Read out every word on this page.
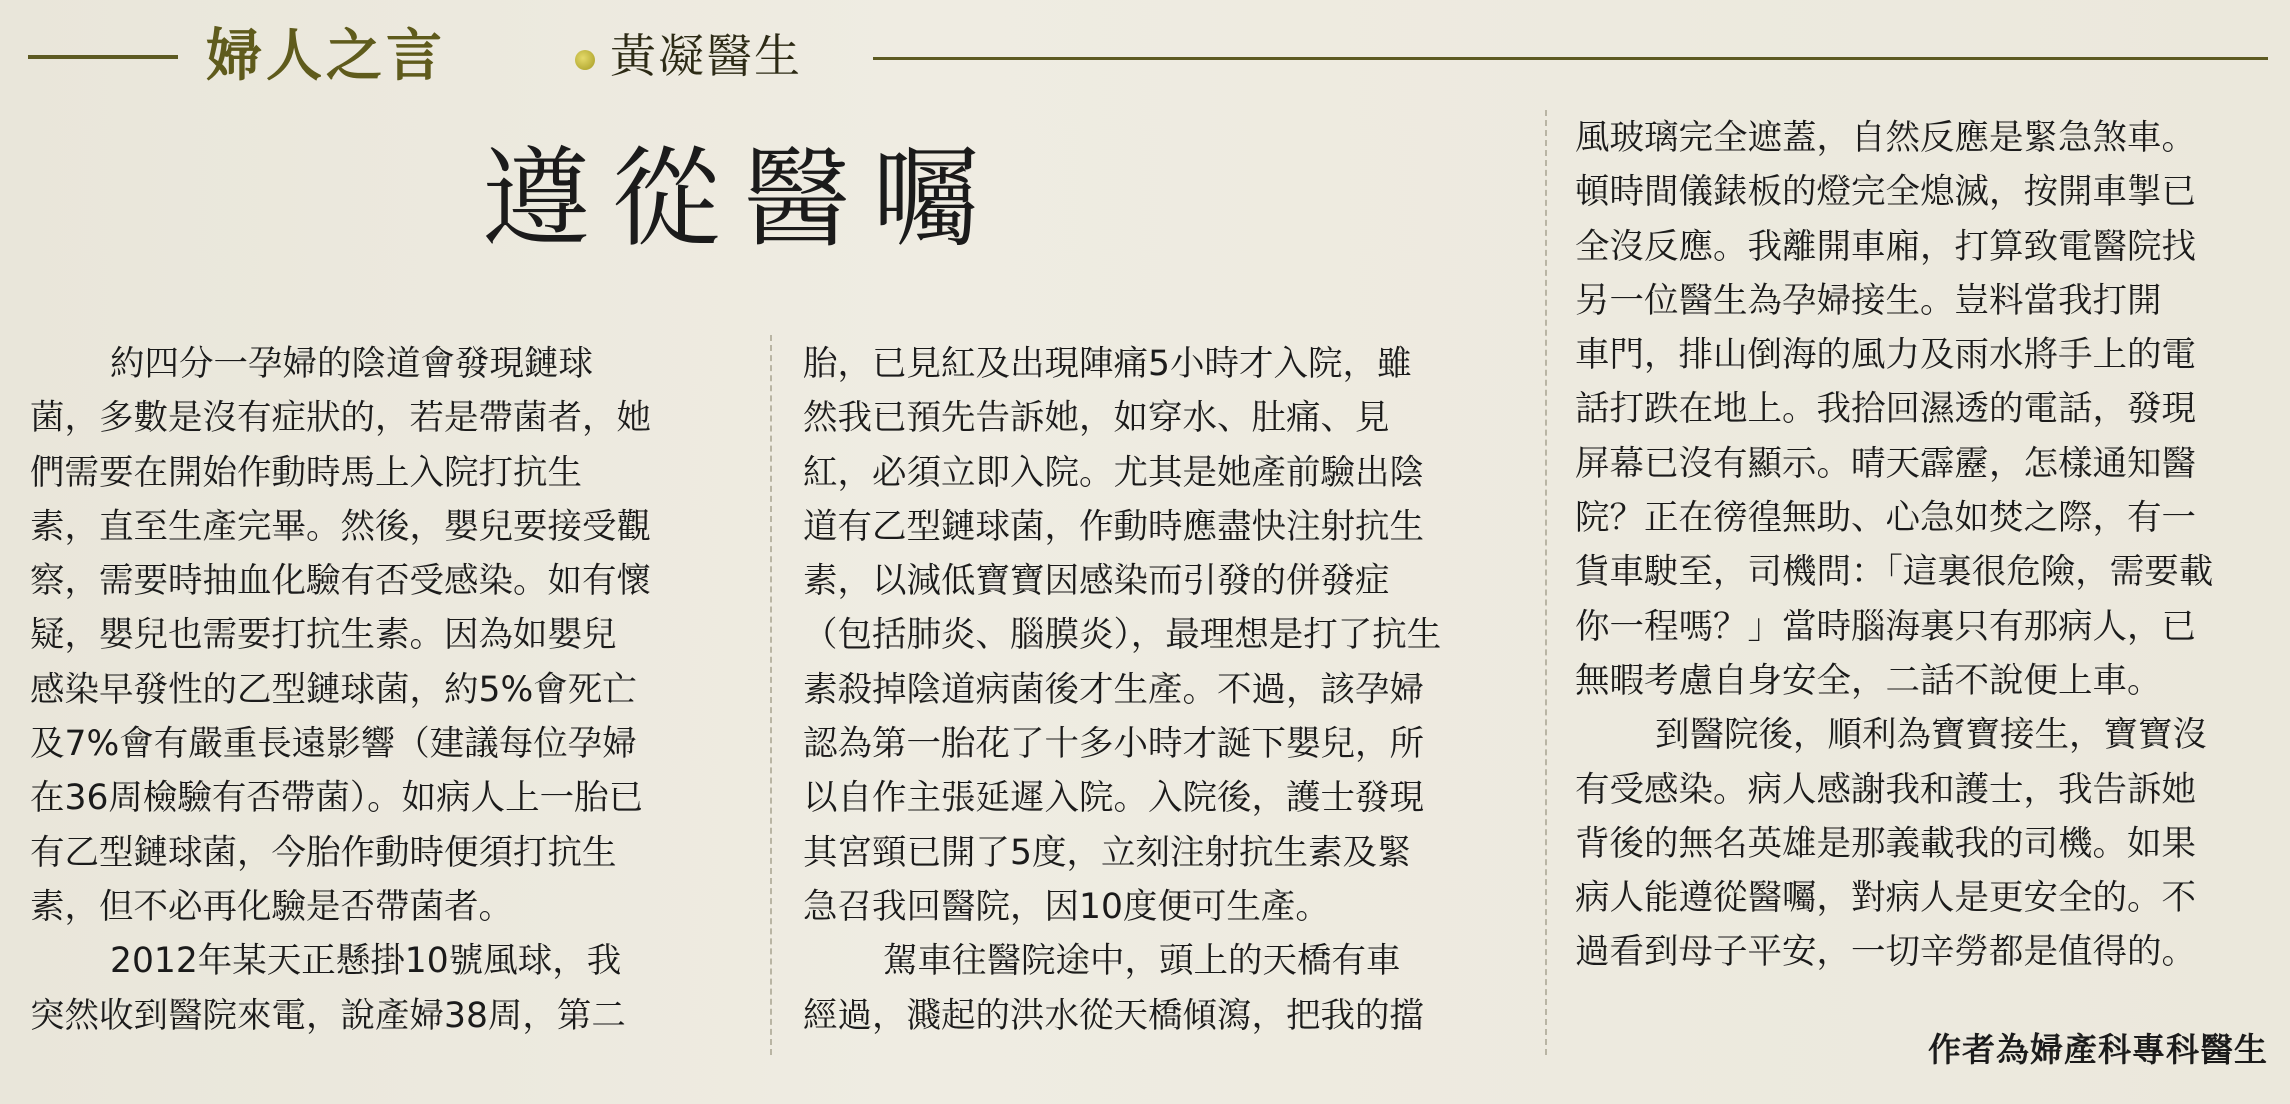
婦人之言	黃凝醫生
遵從醫囑
約四分一孕婦的陰道會發現鏈球
菌，多數是沒有症狀的，若是帶菌者，她
們需要在開始作動時馬上入院打抗生
素，直至生產完畢。然後，嬰兒要接受觀
察，需要時抽血化驗有否受感染。如有懷
疑，嬰兒也需要打抗生素。因為如嬰兒
感染早發性的乙型鏈球菌，約5%會死亡
及7%會有嚴重長遠影響（建議每位孕婦
在36周檢驗有否帶菌）。如病人上一胎已
有乙型鏈球菌，今胎作動時便須打抗生
素，但不必再化驗是否帶菌者。
2012年某天正懸掛10號風球，我
突然收到醫院來電，說產婦38周，第二
胎，已見紅及出現陣痛5小時才入院，雖
然我已預先告訴她，如穿水、肚痛、見
紅，必須立即入院。尤其是她產前驗出陰
道有乙型鏈球菌，作動時應盡快注射抗生
素，以減低寶寶因感染而引發的併發症
（包括肺炎、腦膜炎），最理想是打了抗生
素殺掉陰道病菌後才生產。不過，該孕婦
認為第一胎花了十多小時才誕下嬰兒，所
以自作主張延遲入院。入院後，護士發現
其宮頸已開了5度，立刻注射抗生素及緊
急召我回醫院，因10度便可生產。
駕車往醫院途中，頭上的天橋有車
經過，濺起的洪水從天橋傾瀉，把我的擋
風玻璃完全遮蓋，自然反應是緊急煞車。
頓時間儀錶板的燈完全熄滅，按開車掣已
全沒反應。我離開車廂，打算致電醫院找
另一位醫生為孕婦接生。豈料當我打開
車門，排山倒海的風力及雨水將手上的電
話打跌在地上。我拾回濕透的電話，發現
屏幕已沒有顯示。晴天霹靂，怎樣通知醫
院？正在徬徨無助、心急如焚之際，有一
貨車駛至，司機問：「這裏很危險，需要載
你一程嗎？」當時腦海裏只有那病人，已
無暇考慮自身安全，二話不說便上車。
到醫院後，順利為寶寶接生，寶寶沒
有受感染。病人感謝我和護士，我告訴她
背後的無名英雄是那義載我的司機。如果
病人能遵從醫囑，對病人是更安全的。不
過看到母子平安，一切辛勞都是值得的。
作者為婦產科專科醫生
